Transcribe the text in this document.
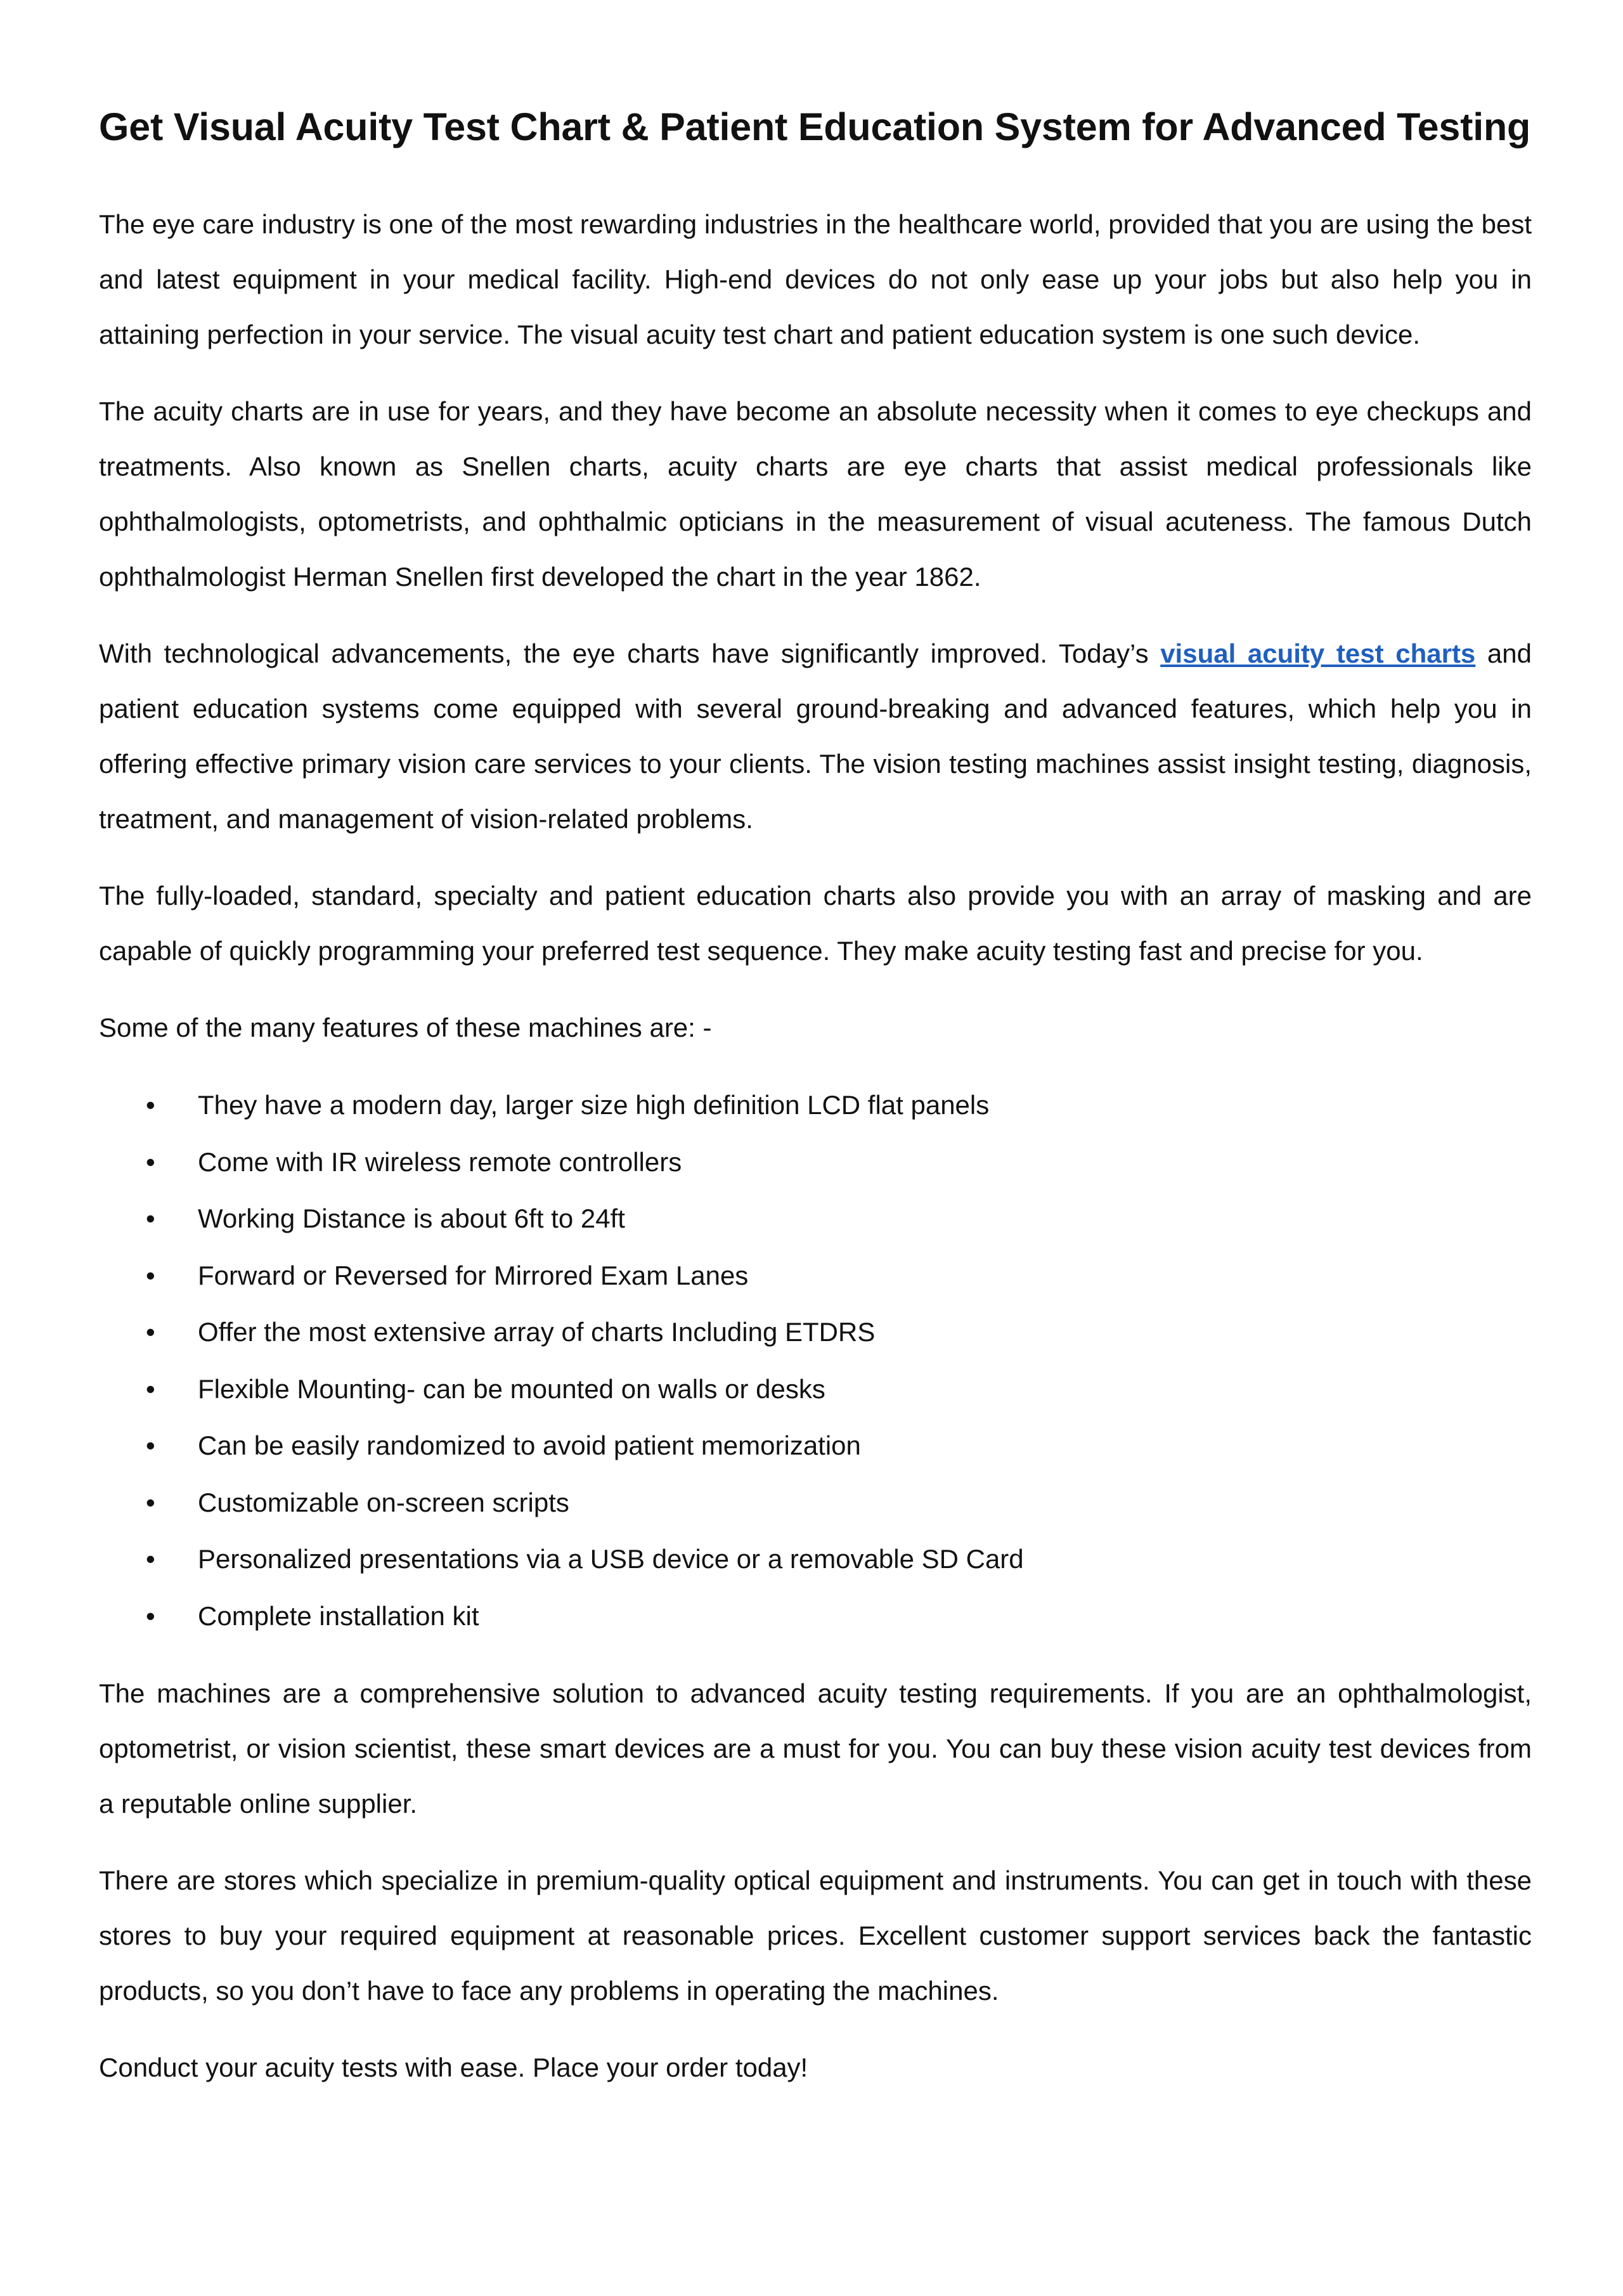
Get Visual Acuity Test Chart & Patient Education System for Advanced Testing

The eye care industry is one of the most rewarding industries in the healthcare world, provided that you are using the best and latest equipment in your medical facility. High-end devices do not only ease up your jobs but also help you in attaining perfection in your service. The visual acuity test chart and patient education system is one such device.

The acuity charts are in use for years, and they have become an absolute necessity when it comes to eye checkups and treatments. Also known as Snellen charts, acuity charts are eye charts that assist medical professionals like ophthalmologists, optometrists, and ophthalmic opticians in the measurement of visual acuteness. The famous Dutch ophthalmologist Herman Snellen first developed the chart in the year 1862.

With technological advancements, the eye charts have significantly improved. Today’s visual acuity test charts and patient education systems come equipped with several ground-breaking and advanced features, which help you in offering effective primary vision care services to your clients. The vision testing machines assist insight testing, diagnosis, treatment, and management of vision-related problems.

The fully-loaded, standard, specialty and patient education charts also provide you with an array of masking and are capable of quickly programming your preferred test sequence. They make acuity testing fast and precise for you.

Some of the many features of these machines are: -

• They have a modern day, larger size high definition LCD flat panels
• Come with IR wireless remote controllers
• Working Distance is about 6ft to 24ft
• Forward or Reversed for Mirrored Exam Lanes
• Offer the most extensive array of charts Including ETDRS
• Flexible Mounting- can be mounted on walls or desks
• Can be easily randomized to avoid patient memorization
• Customizable on-screen scripts
• Personalized presentations via a USB device or a removable SD Card
• Complete installation kit

The machines are a comprehensive solution to advanced acuity testing requirements. If you are an ophthalmologist, optometrist, or vision scientist, these smart devices are a must for you. You can buy these vision acuity test devices from a reputable online supplier.

There are stores which specialize in premium-quality optical equipment and instruments. You can get in touch with these stores to buy your required equipment at reasonable prices. Excellent customer support services back the fantastic products, so you don’t have to face any problems in operating the machines.

Conduct your acuity tests with ease. Place your order today!
